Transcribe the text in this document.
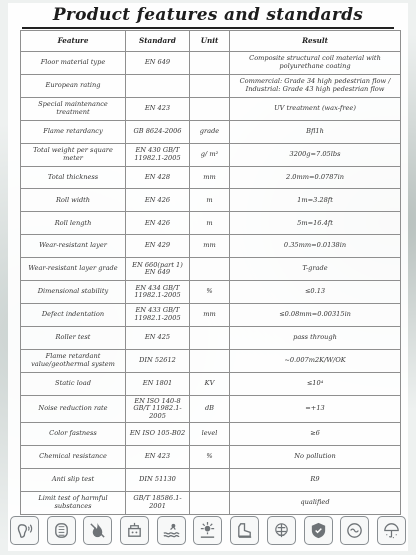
Product features and standards
Feature	Standard	Unit	Result
Floor material type	EN 649		Composite structural coil material with polyurethane coating
European rating			Commercial: Grade 34 high pedestrian flow / Industrial: Grade 43 high pedestrian flow
Special maintenance treatment	EN 423		UV treatment (wax-free)
Flame retardancy	GB 8624-2006	grade	Bfl1h
Total weight per square meter	EN 430 GB/T 11982.1-2005	g/ m²	3200g=7.05lbs
Total thickness	EN 428	mm	2.0mm=0.0787in
Roll width	EN 426	m	1m=3.28ft
Roll length	EN 426	m	5m=16.4ft
Wear-resistant layer	EN 429	mm	0.35mm=0.0138in
Wear-resistant layer grade	EN 660(part 1) EN 649		T-grade
Dimensional stability	EN 434 GB/T 11982.1-2005	%	≤0.13
Defect indentation	EN 433 GB/T 11982.1-2005	mm	≤0.08mm=0.00315in
Roller test	EN 425		pass through
Flame retardant value/geothermal system	DIN 52612		~0.007m2K/W/OK
Static load	EN 1801	KV	≤10⁴
Noise reduction rate	EN ISO 140-8 GB/T 11982.1-2005	dB	=+13
Color fastness	EN ISO 105-B02	level	≥6
Chemical resistance	EN 423	%	No pollution
Anti slip test	DIN 51130		R9
Limit test of harmful substances	GB/T 18586.1-2001		qualified
